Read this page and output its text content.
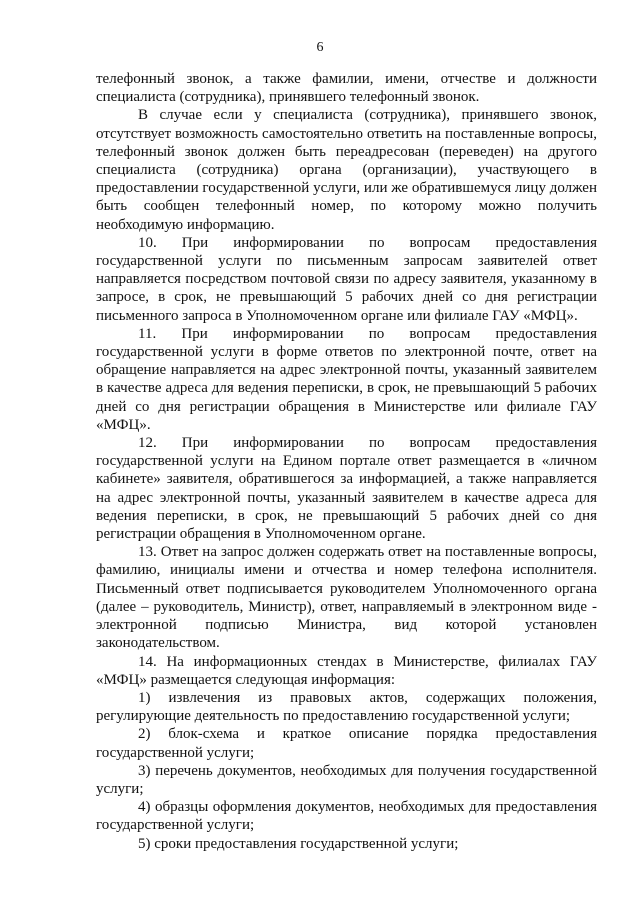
6

телефонный звонок, а также фамилии, имени, отчестве и должности специалиста (сотрудника), принявшего телефонный звонок.

В случае если у специалиста (сотрудника), принявшего звонок, отсутствует возможность самостоятельно ответить на поставленные вопросы, телефонный звонок должен быть переадресован (переведен) на другого специалиста (сотрудника) органа (организации), участвующего в предоставлении государственной услуги, или же обратившемуся лицу должен быть сообщен телефонный номер, по которому можно получить необходимую информацию.

10. При информировании по вопросам предоставления государственной услуги по письменным запросам заявителей ответ направляется посредством почтовой связи по адресу заявителя, указанному в запросе, в срок, не превышающий 5 рабочих дней со дня регистрации письменного запроса в Уполномоченном органе или филиале ГАУ «МФЦ».

11. При информировании по вопросам предоставления государственной услуги в форме ответов по электронной почте, ответ на обращение направляется на адрес электронной почты, указанный заявителем в качестве адреса для ведения переписки, в срок, не превышающий 5 рабочих дней со дня регистрации обращения в Министерстве или филиале ГАУ «МФЦ».

12. При информировании по вопросам предоставления государственной услуги на Едином портале ответ размещается в «личном кабинете» заявителя, обратившегося за информацией, а также направляется на адрес электронной почты, указанный заявителем в качестве адреса для ведения переписки, в срок, не превышающий 5 рабочих дней со дня регистрации обращения в Уполномоченном органе.

13. Ответ на запрос должен содержать ответ на поставленные вопросы, фамилию, инициалы имени и отчества и номер телефона исполнителя. Письменный ответ подписывается руководителем Уполномоченного органа (далее – руководитель, Министр), ответ, направляемый в электронном виде - электронной подписью Министра, вид которой установлен законодательством.

14. На информационных стендах в Министерстве, филиалах ГАУ «МФЦ» размещается следующая информация:

1) извлечения из правовых актов, содержащих положения, регулирующие деятельность по предоставлению государственной услуги;

2) блок-схема и краткое описание порядка предоставления государственной услуги;

3) перечень документов, необходимых для получения государственной услуги;

4) образцы оформления документов, необходимых для предоставления государственной услуги;

5) сроки предоставления государственной услуги;
